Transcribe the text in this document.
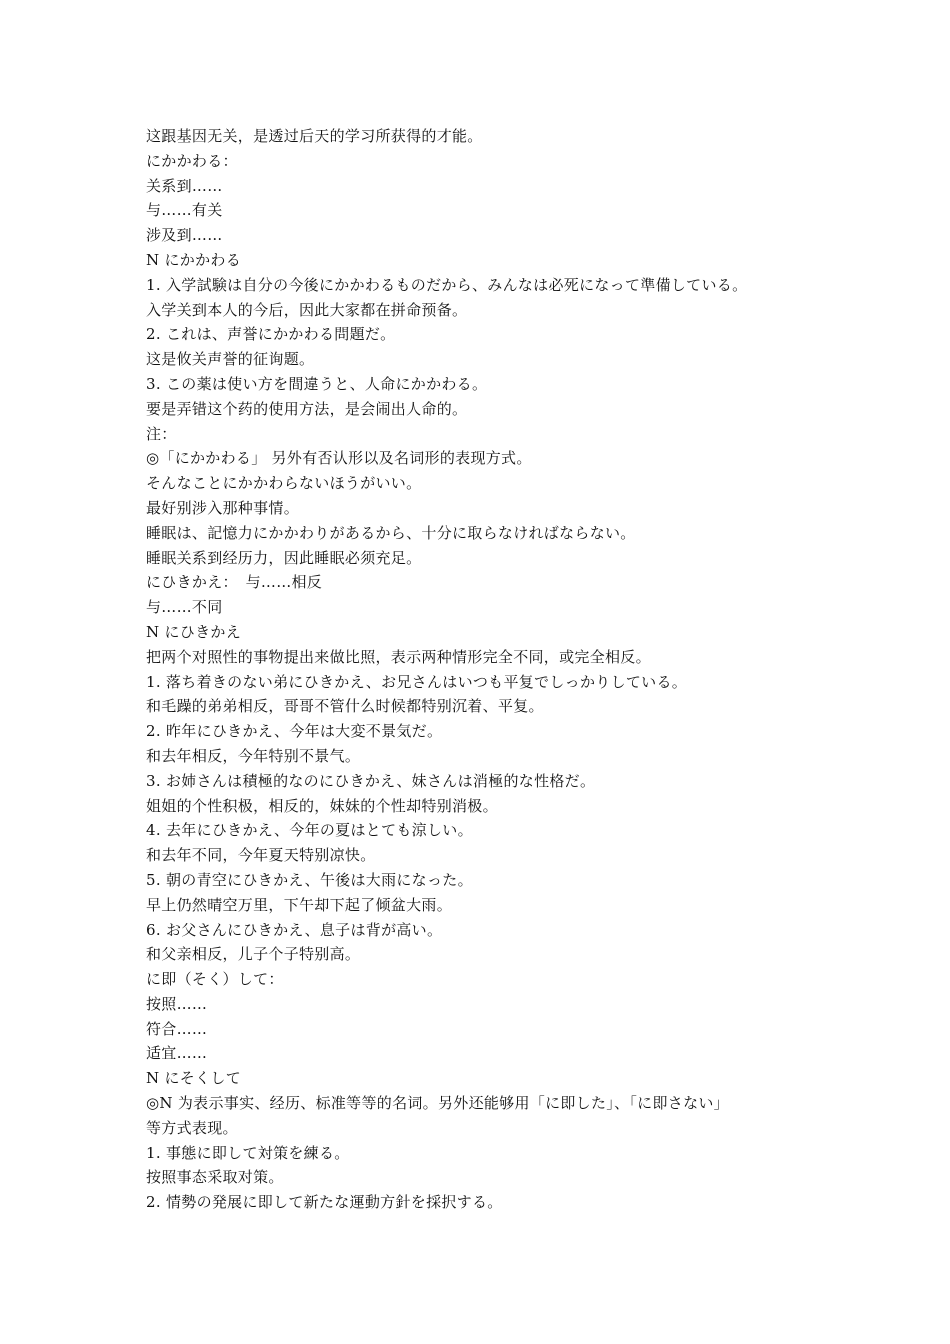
这跟基因无关，是透过后天的学习所获得的才能。
にかかわる：
关系到……
与……有关
涉及到……
N にかかわる
1. 入学試験は自分の今後にかかわるものだから、みんなは必死になって準備している。
入学关到本人的今后，因此大家都在拼命预备。
2. これは、声誉にかかわる問題だ。
这是攸关声誉的征询题。
3. この薬は使い方を間違うと、人命にかかわる。
要是弄错这个药的使用方法，是会闹出人命的。
注：
◎「にかかわる」 另外有否认形以及名词形的表现方式。
そんなことにかかわらないほうがいい。
最好别涉入那种事情。
睡眠は、記憶力にかかわりがあるから、十分に取らなければならない。
睡眠关系到经历力，因此睡眠必须充足。
にひきかえ：　与……相反
与……不同
N にひきかえ
把两个对照性的事物提出来做比照，表示两种情形完全不同，或完全相反。
1. 落ち着きのない弟にひきかえ、お兄さんはいつも平复でしっかりしている。
和毛躁的弟弟相反，哥哥不管什么时候都特别沉着、平复。
2. 昨年にひきかえ、今年は大変不景気だ。
和去年相反，今年特别不景气。
3. お姉さんは積極的なのにひきかえ、妹さんは消極的な性格だ。
姐姐的个性积极，相反的，妹妹的个性却特别消极。
4. 去年にひきかえ、今年の夏はとても涼しい。
和去年不同，今年夏天特别凉快。
5. 朝の青空にひきかえ、午後は大雨になった。
早上仍然晴空万里，下午却下起了倾盆大雨。
6. お父さんにひきかえ、息子は背が高い。
和父亲相反，儿子个子特别高。
に即（そく）して：
按照……
符合……
适宜……
N にそくして
◎N 为表示事实、经历、标准等等的名词。另外还能够用「に即した」、「に即さない」
等方式表现。
1. 事態に即して対策を練る。
按照事态采取对策。
2. 情勢の発展に即して新たな運動方針を採択する。
